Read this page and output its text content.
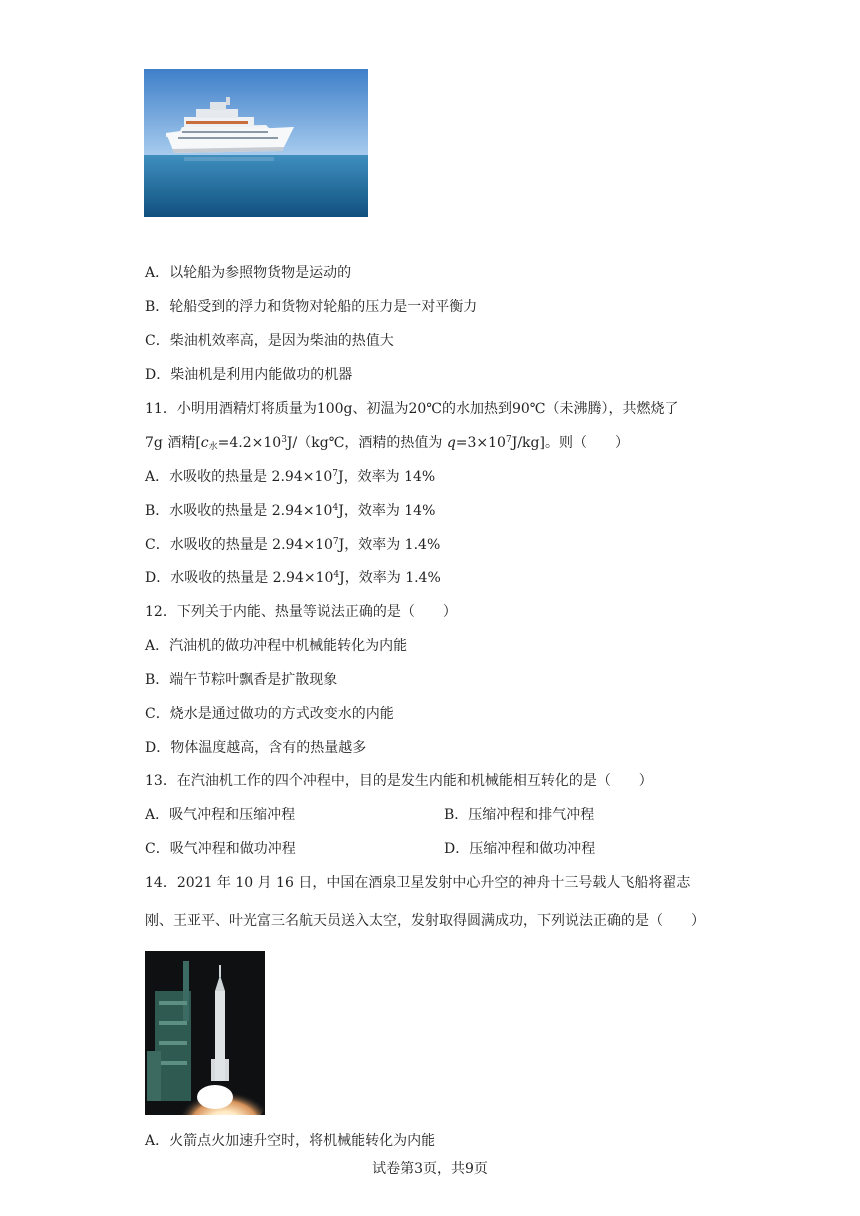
A．以轮船为参照物货物是运动的
B．轮船受到的浮力和货物对轮船的压力是一对平衡力
C．柴油机效率高，是因为柴油的热值大
D．柴油机是利用内能做功的机器
11．小明用酒精灯将质量为100g、初温为20℃的水加热到90℃（未沸腾），共燃烧了
7g 酒精[$c_水=4.2\times 10^3J/(kg℃$，酒精的热值为 $q=3\times 10^7J/kg$]。则（　　）
A．水吸收的热量是 $2.94\times 10^7J$，效率为 14%
B．水吸收的热量是 $2.94\times 10^4J$，效率为 14%
C．水吸收的热量是 $2.94\times 10^7J$，效率为 1.4%
D．水吸收的热量是 $2.94\times 10^4J$，效率为 1.4%
12．下列关于内能、热量等说法正确的是（　　）
A．汽油机的做功冲程中机械能转化为内能
B．端午节粽叶飘香是扩散现象
C．烧水是通过做功的方式改变水的内能
D．物体温度越高，含有的热量越多
13．在汽油机工作的四个冲程中，目的是发生内能和机械能相互转化的是（　　）
A．吸气冲程和压缩冲程	B．压缩冲程和排气冲程
C．吸气冲程和做功冲程	D．压缩冲程和做功冲程
14．2021 年 10 月 16 日，中国在酒泉卫星发射中心升空的神舟十三号载人飞船将翟志
刚、王亚平、叶光富三名航天员送入太空，发射取得圆满成功，下列说法正确的是（　　）
A．火箭点火加速升空时，将机械能转化为内能
试卷第3页，共9页
